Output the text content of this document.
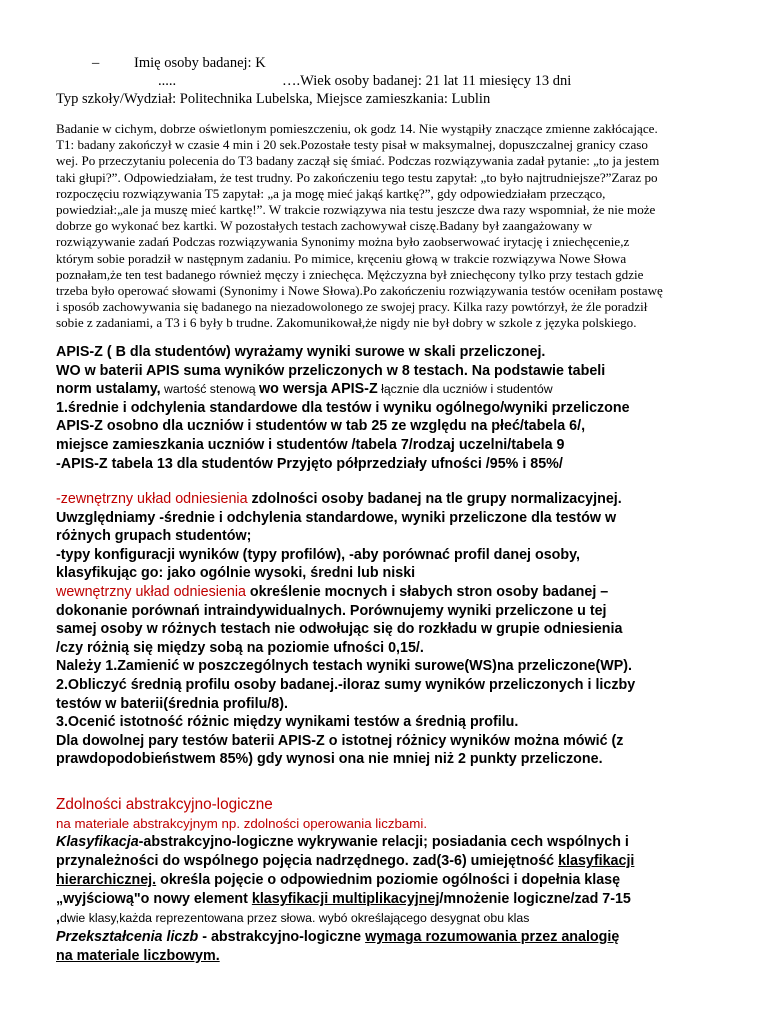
– Imię osoby badanej: K
.....	….Wiek osoby badanej: 21 lat 11 miesięcy 13 dni
Typ szkoły/Wydział: Politechnika Lubelska, Miejsce zamieszkania: Lublin
Badanie w cichym, dobrze oświetlonym pomieszczeniu, ok godz 14. Nie wystąpiły znaczące zmienne zakłócające.
T1: badany zakończył w czasie 4 min i 20 sek.Pozostałe testy pisał w maksymalnej, dopuszczalnej granicy czaso
wej. Po przeczytaniu polecenia do T3 badany zaczął się śmiać. Podczas rozwiązywania zadał pytanie: „to ja jestem
taki głupi?”. Odpowiedziałam, że test trudny. Po zakończeniu tego testu zapytał: „to było najtrudniejsze?”Zaraz po
rozpoczęciu rozwiązywania T5 zapytał: „a ja mogę mieć jakąś kartkę?”, gdy odpowiedziałam przecząco,
powiedział:„ale ja muszę mieć kartkę!”. W trakcie rozwiązywa nia testu jeszcze dwa razy wspomniał, że nie może
dobrze go wykonać bez kartki. W pozostałych testach zachowywał ciszę.Badany był zaangażowany w
rozwiązywanie zadań Podczas rozwiązywania Synonimy można było zaobserwować irytację i zniechęcenie,z
którym sobie poradził w następnym zadaniu. Po mimice, kręceniu głową w trakcie rozwiązywa Nowe Słowa
poznałam,że ten test badanego również męczy i zniechęca. Mężczyzna był zniechęcony tylko przy testach gdzie
trzeba było operować słowami (Synonimy i Nowe Słowa).Po zakończeniu rozwiązywania testów oceniłam postawę
i sposób zachowywania się badanego na niezadowolonego ze swojej pracy. Kilka razy powtórzył, że źle poradził
sobie z zadaniami, a T3 i 6 były b trudne. Zakomunikował,że nigdy nie był dobry w szkole z języka polskiego.
APIS-Z ( B dla studentów) wyrażamy wyniki surowe w skali przeliczonej.
WO w baterii APIS suma wyników przeliczonych w 8 testach. Na podstawie tabeli
norm ustalamy, wartość stenową wo wersja APIS-Z łącznie dla uczniów i studentów
1.średnie i odchylenia standardowe dla testów i wyniku ogólnego/wyniki przeliczone
APIS-Z osobno dla uczniów i studentów w tab 25 ze względu na płeć/tabela 6/,
miejsce zamieszkania uczniów i studentów /tabela 7/rodzaj uczelni/tabela 9
-APIS-Z tabela 13 dla studentów Przyjęto półprzedziały ufności /95% i 85%/
-zewnętrzny układ odniesienia zdolności osoby badanej na tle grupy normalizacyjnej.
Uwzględniamy -średnie i odchylenia standardowe, wyniki przeliczone dla testów w
różnych grupach studentów;
-typy konfiguracji wyników (typy profilów), -aby porównać profil danej osoby,
klasyfikując go: jako ogólnie wysoki, średni lub niski
wewnętrzny układ odniesienia określenie mocnych i słabych stron osoby badanej –
dokonanie porównań intraindywidualnych. Porównujemy wyniki przeliczone u tej
samej osoby w różnych testach nie odwołując się do rozkładu w grupie odniesienia
/czy różnią się między sobą na poziomie ufności 0,15/.
Należy 1.Zamienić w poszczególnych testach wyniki surowe(WS)na przeliczone(WP).
2.Obliczyć średnią profilu osoby badanej.-iloraz sumy wyników przeliczonych i liczby
testów w baterii(średnia profilu/8).
3.Ocenić istotność różnic między wynikami testów a średnią profilu.
Dla dowolnej pary testów baterii APIS-Z o istotnej różnicy wyników można mówić (z
prawdopodobieństwem 85%) gdy wynosi ona nie mniej niż 2 punkty przeliczone.
Zdolności abstrakcyjno-logiczne
na materiale abstrakcyjnym np. zdolności operowania liczbami.
Klasyfikacja-abstrakcyjno-logiczne wykrywanie relacji; posiadania cech wspólnych i
przynależności do wspólnego pojęcia nadrzędnego. zad(3-6) umiejętność klasyfikacji
hierarchicznej. określa pojęcie o odpowiednim poziomie ogólności i dopełnia klasę
„wyjściową"o nowy element klasyfikacji multiplikacyjnej/mnożenie logiczne/zad 7-15
,dwie klasy,każda reprezentowana przez słowa. wybó określającego desygnat obu klas
Przekształcenia liczb - abstrakcyjno-logiczne wymaga rozumowania przez analogię
na materiale liczbowym.
